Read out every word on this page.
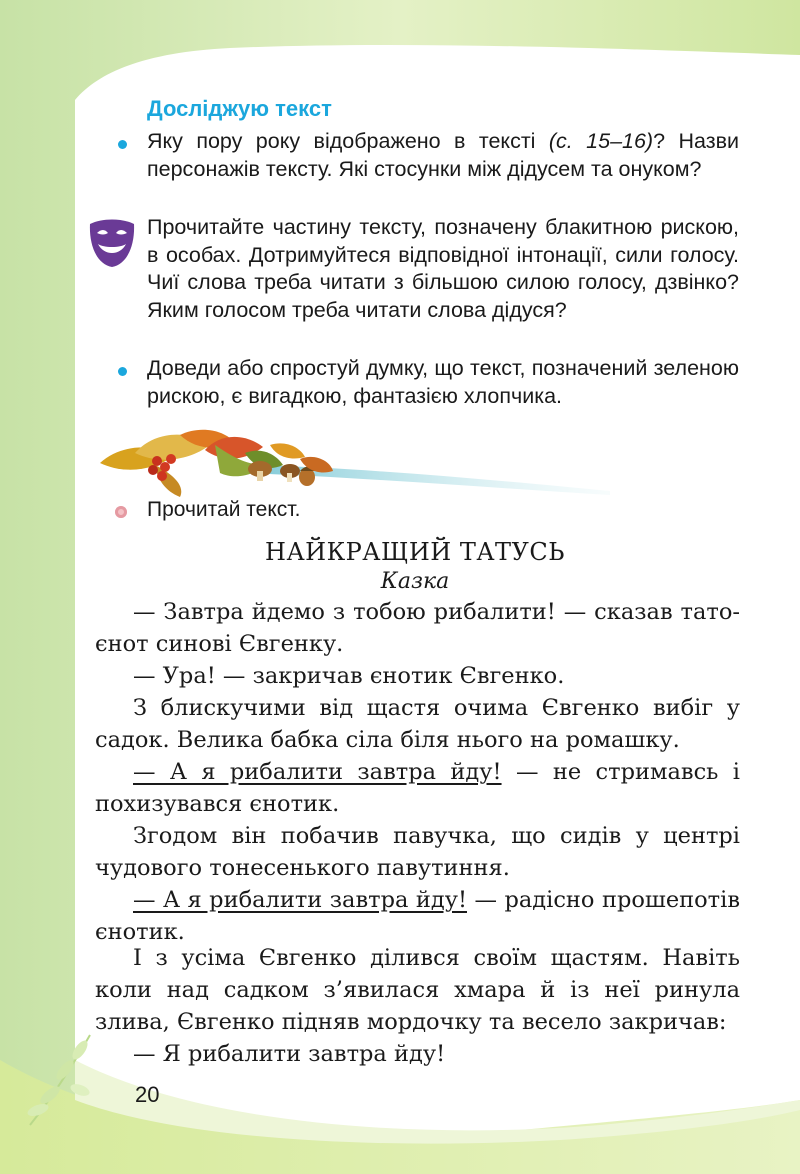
Досліджую текст
Яку пору року відображено в тексті (с. 15–16)? Назви персонажів тексту. Які стосунки між дідусем та онуком?
Прочитайте частину тексту, позначену блакитною рискою, в особах. Дотримуйтеся відповідної інтонації, сили голосу. Чиї слова треба читати з більшою силою голосу, дзвінко? Яким голосом треба читати слова дідуся?
Доведи або спростуй думку, що текст, позначений зеленою рискою, є вигадкою, фантазією хлопчика.
Прочитай текст.
НАЙКРАЩИЙ ТАТУСЬ
Казка
— Завтра йдемо з тобою рибалити! — сказав тато-єнот синові Євгенку.
— Ура! — закричав єнотик Євгенко.
З блискучими від щастя очима Євгенко вибіг у садок. Велика бабка сіла біля нього на ромашку.
— А я рибалити завтра йду! — не стримавсь і похизувався єнотик.
Згодом він побачив павучка, що сидів у центрі чудового тонесенького павутиння.
— А я рибалити завтра йду! — радісно прошепотів єнотик.
І з усіма Євгенко ділився своїм щастям. Навіть коли над садком з’явилася хмара й із неї ринула злива, Євгенко підняв мордочку та весело закричав:
— Я рибалити завтра йду!
20
